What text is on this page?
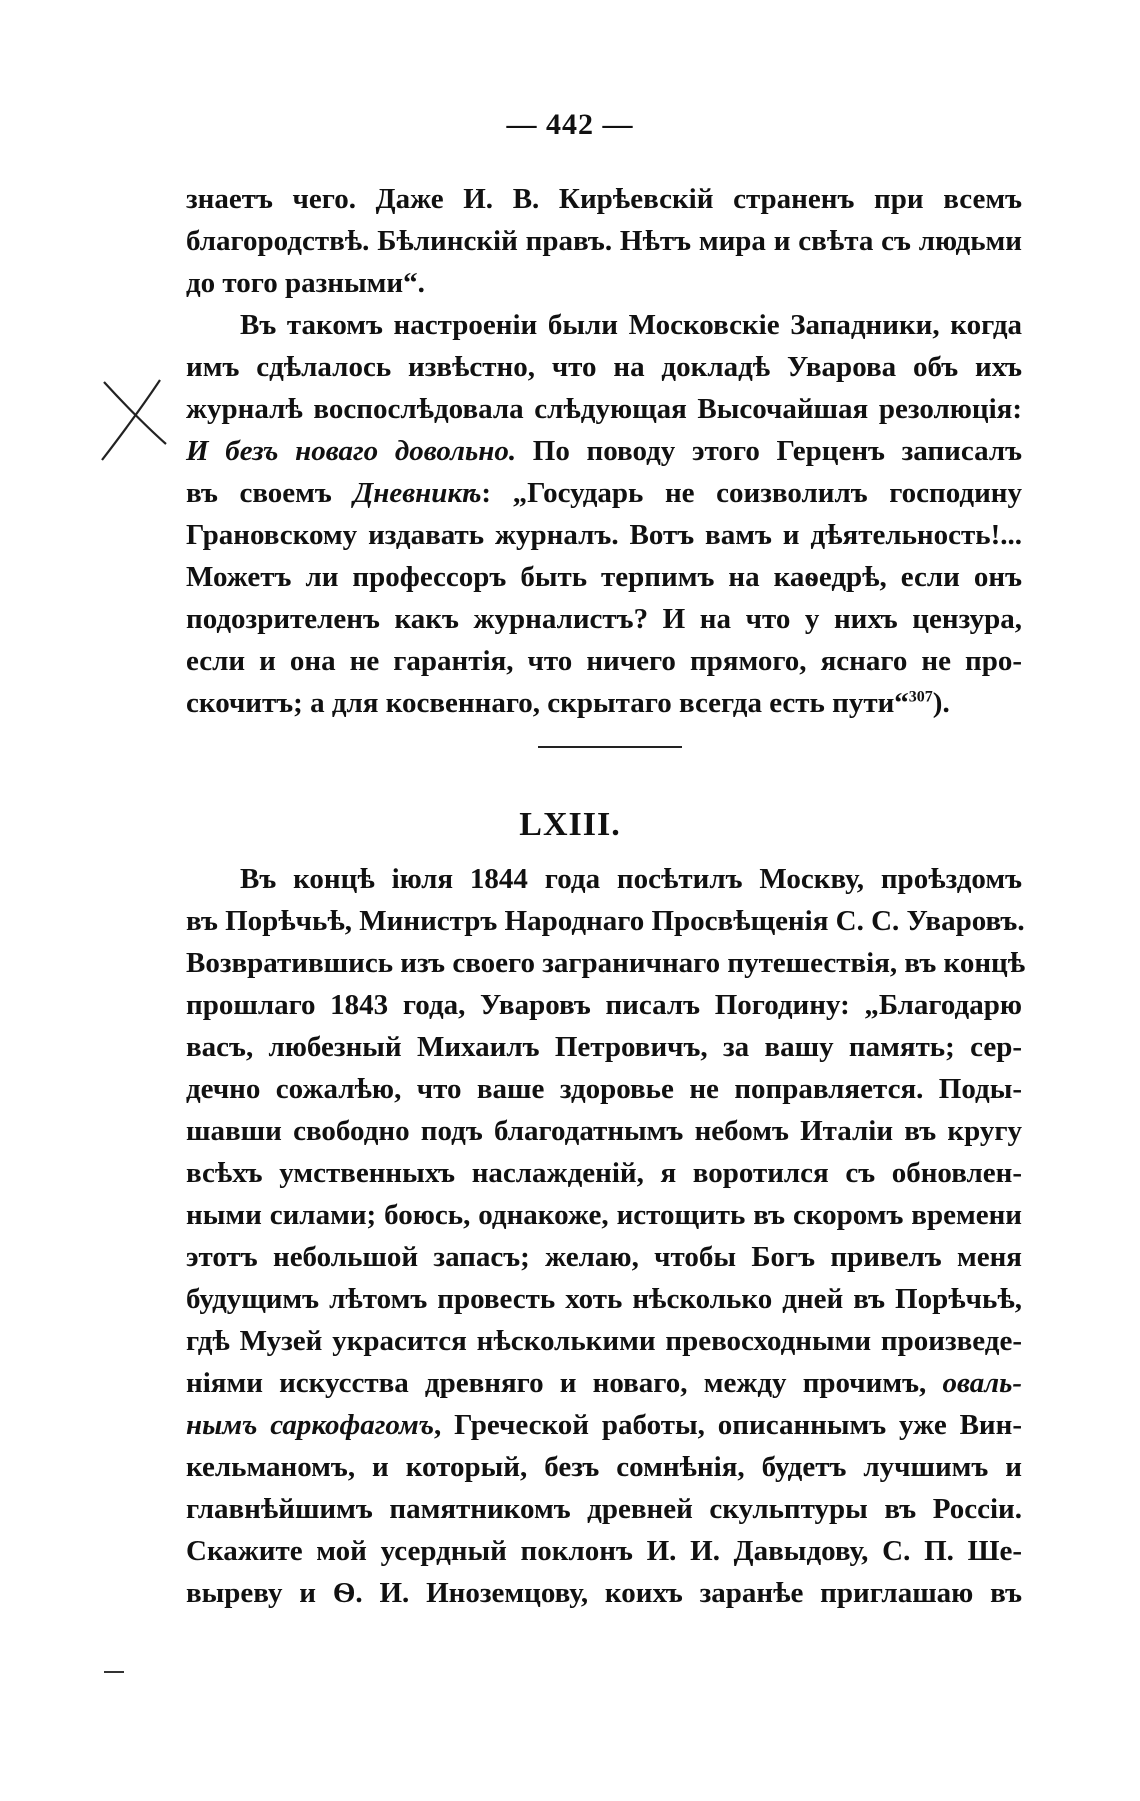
— 442 —
знаетъ чего. Даже И. В. Кирѣевскій страненъ при всемъ
благородствѣ. Бѣлинскій правъ. Нѣтъ мира и свѣта съ людьми
до того разными“.
Въ такомъ настроеніи были Московскіе Западники, когда
имъ сдѣлалось извѣстно, что на докладѣ Уварова объ ихъ
журналѣ воспослѣдовала слѣдующая Высочайшая резолюція:
И безъ новаго довольно. По поводу этого Герценъ записалъ
въ своемъ Дневникѣ: „Государь не соизволилъ господину
Грановскому издавать журналъ. Вотъ вамъ и дѣятельность!...
Можетъ ли профессоръ быть терпимъ на каѳедрѣ, если онъ
подозрителенъ какъ журналистъ? И на что у нихъ цензура,
если и она не гарантія, что ничего прямого, яснаго не про-
скочитъ; а для косвеннаго, скрытаго всегда есть пути“$^{307}$).
LXIII.
Въ концѣ іюля 1844 года посѣтилъ Москву, проѣздомъ
въ Порѣчьѣ, Министръ Народнаго Просвѣщенія С. С. Уваровъ.
Возвратившись изъ своего заграничнаго путешествія, въ концѣ
прошлаго 1843 года, Уваровъ писалъ Погодину: „Благодарю
васъ, любезный Михаилъ Петровичъ, за вашу память; сер-
дечно сожалѣю, что ваше здоровье не поправляется. Поды-
шавши свободно подъ благодатнымъ небомъ Италіи въ кругу
всѣхъ умственныхъ наслажденій, я воротился съ обновлен-
ными силами; боюсь, однакоже, истощить въ скоромъ времени
этотъ небольшой запасъ; желаю, чтобы Богъ привелъ меня
будущимъ лѣтомъ провесть хоть нѣсколько дней въ Порѣчьѣ,
гдѣ Музей украсится нѣсколькими превосходными произведе-
ніями искусства древняго и новаго, между прочимъ, оваль-
нымъ саркофагомъ, Греческой работы, описаннымъ уже Вин-
кельманомъ, и который, безъ сомнѣнія, будетъ лучшимъ и
главнѣйшимъ памятникомъ древней скульптуры въ Россіи.
Скажите мой усердный поклонъ И. И. Давыдову, С. П. Ше-
выреву и Ѳ. И. Иноземцову, коихъ заранѣе приглашаю въ
